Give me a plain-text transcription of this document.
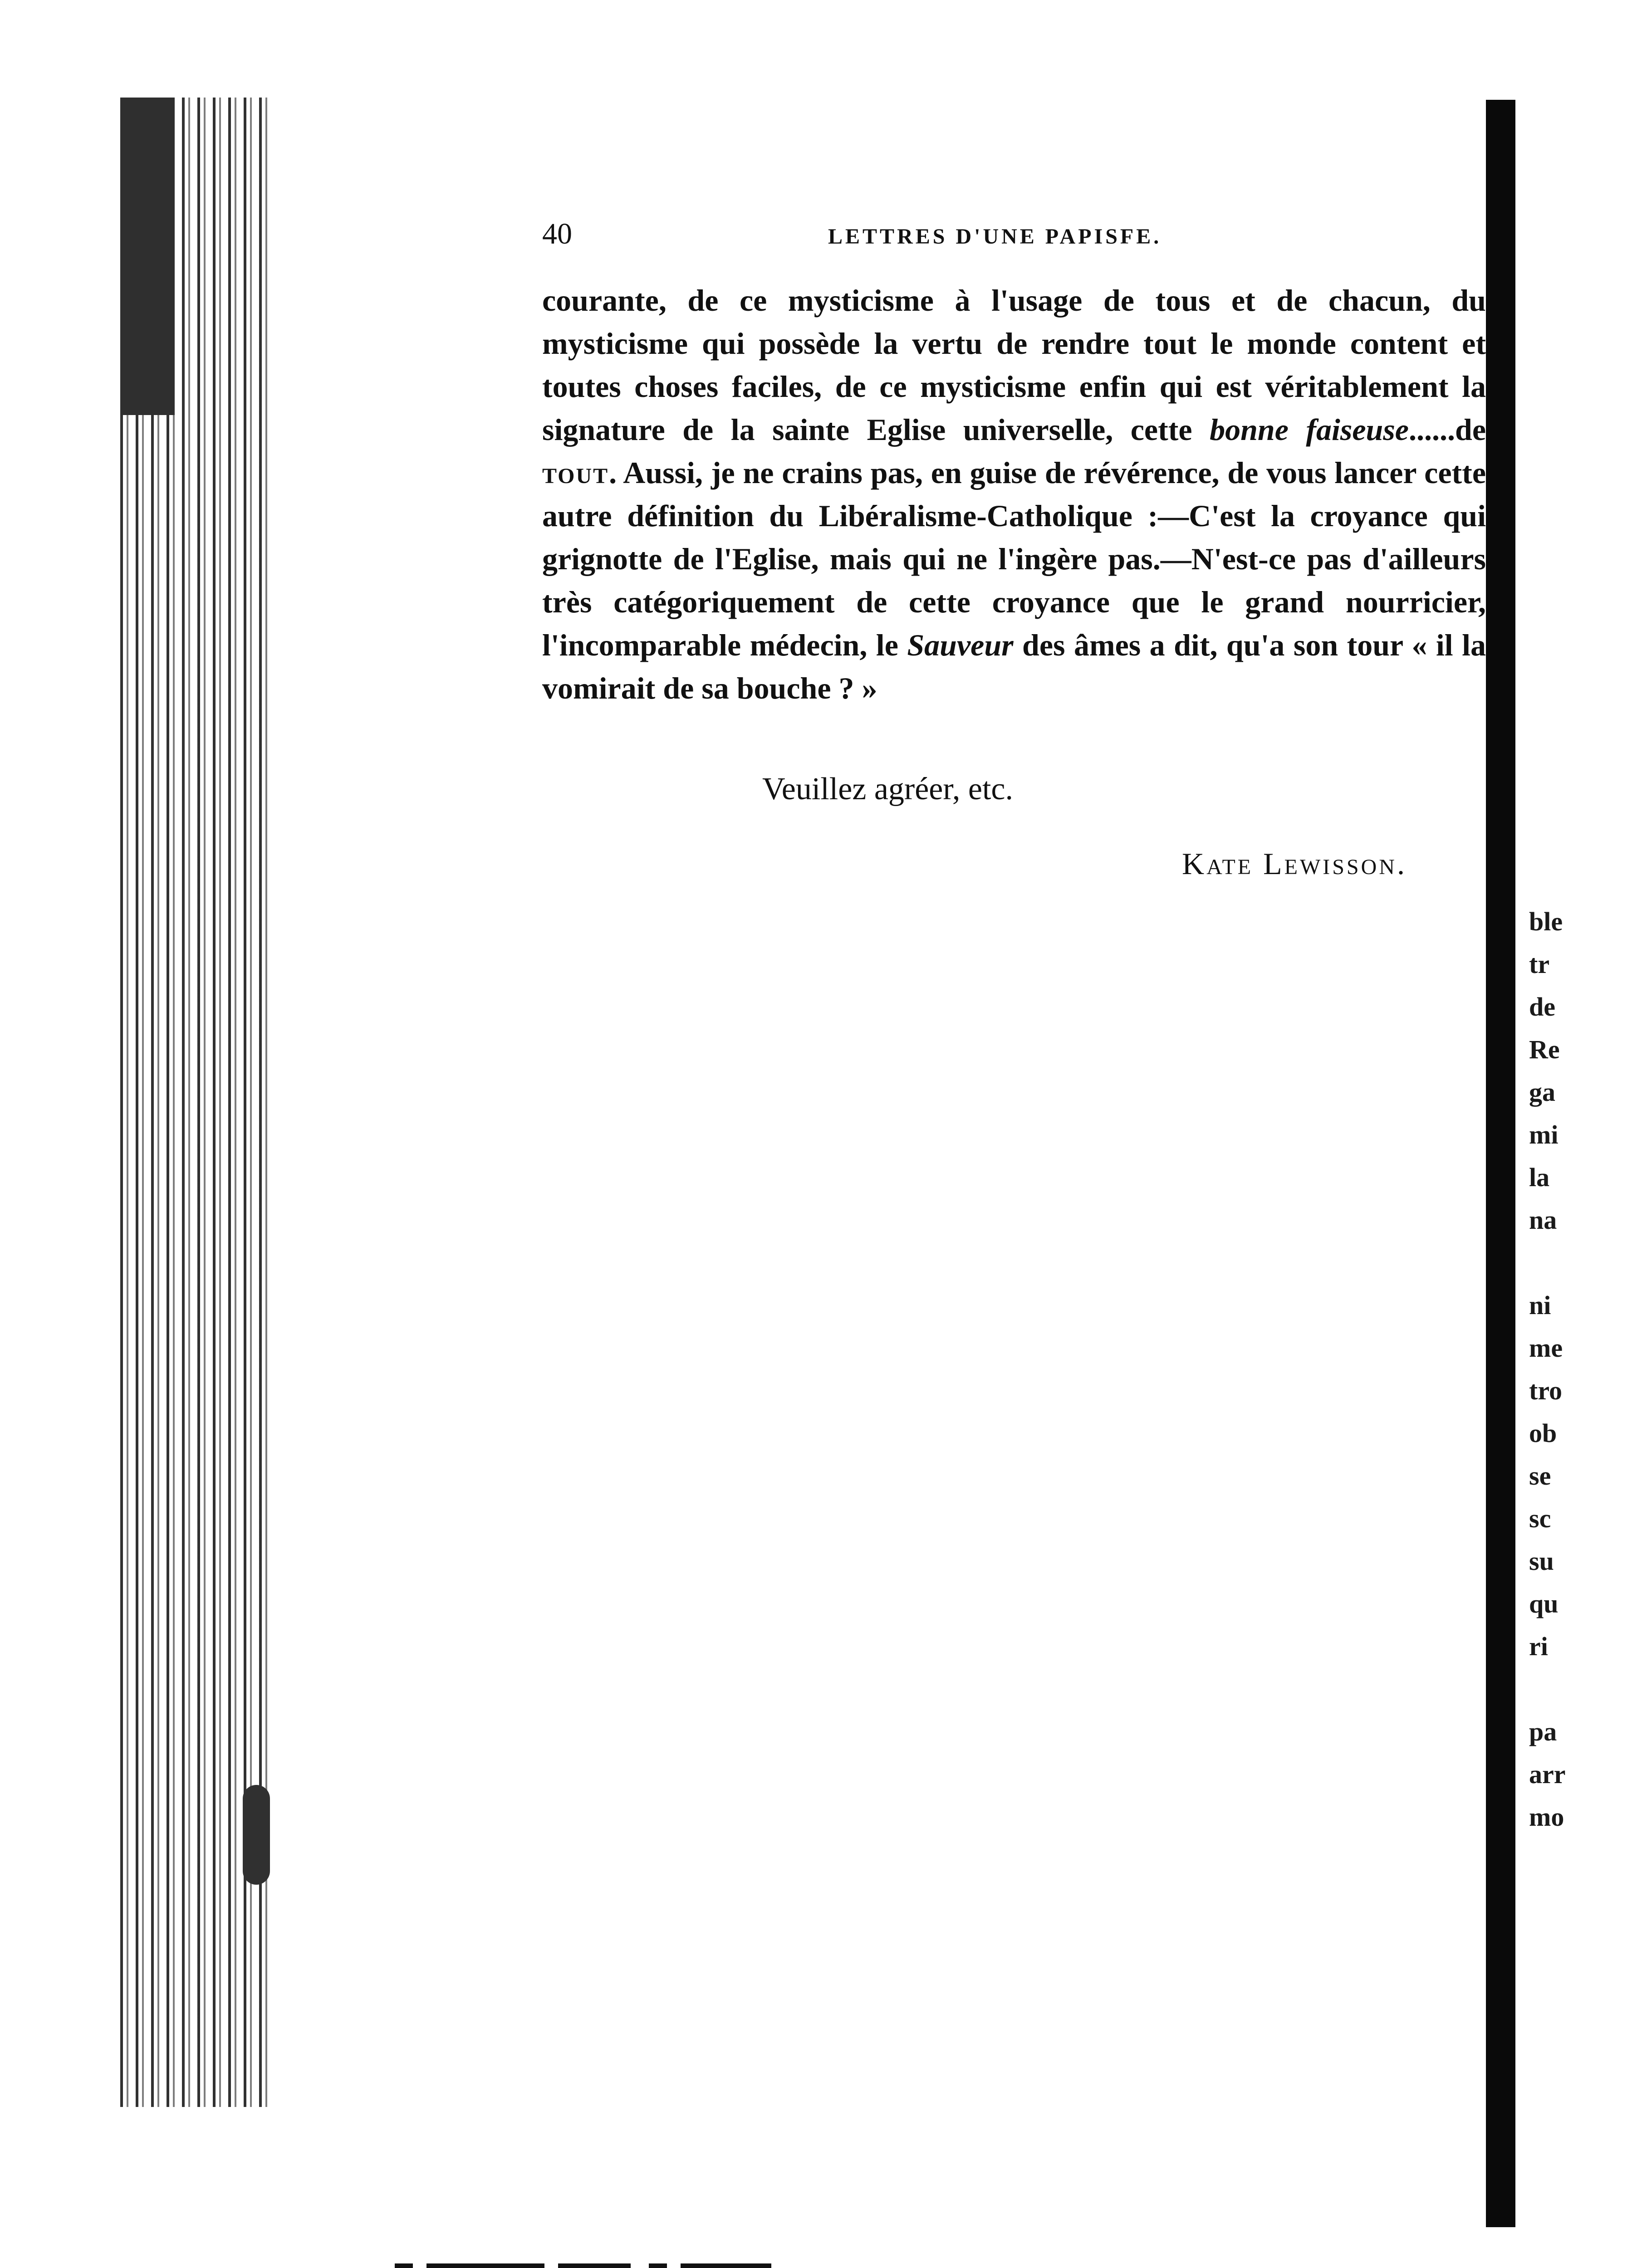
40	LETTRES D'UNE PAPISFE.

courante, de ce mysticisme à l'usage de tous et de chacun, du mysticisme qui possède la vertu de rendre tout le monde content et toutes choses faciles, de ce mysticisme enfin qui est véritablement la signature de la sainte Eglise universelle, cette bonne faiseuse......de tout. Aussi, je ne crains pas, en guise de révérence, de vous lancer cette autre définition du Libéralisme-Catholique :—C'est la croyance qui grignotte de l'Eglise, mais qui ne l'ingère pas.—N'est-ce pas d'ailleurs très catégoriquement de cette croyance que le grand nourricier, l'incomparable médecin, le Sauveur des âmes a dit, qu'a son tour « il la vomirait de sa bouche ? »

Veuillez agréer, etc.

Kate Lewisson.

ble
tr
de
Re
ga
mi
la
na
ni
me
tro
ob
se
sc
su
qu
ri
pa
arr
mo
